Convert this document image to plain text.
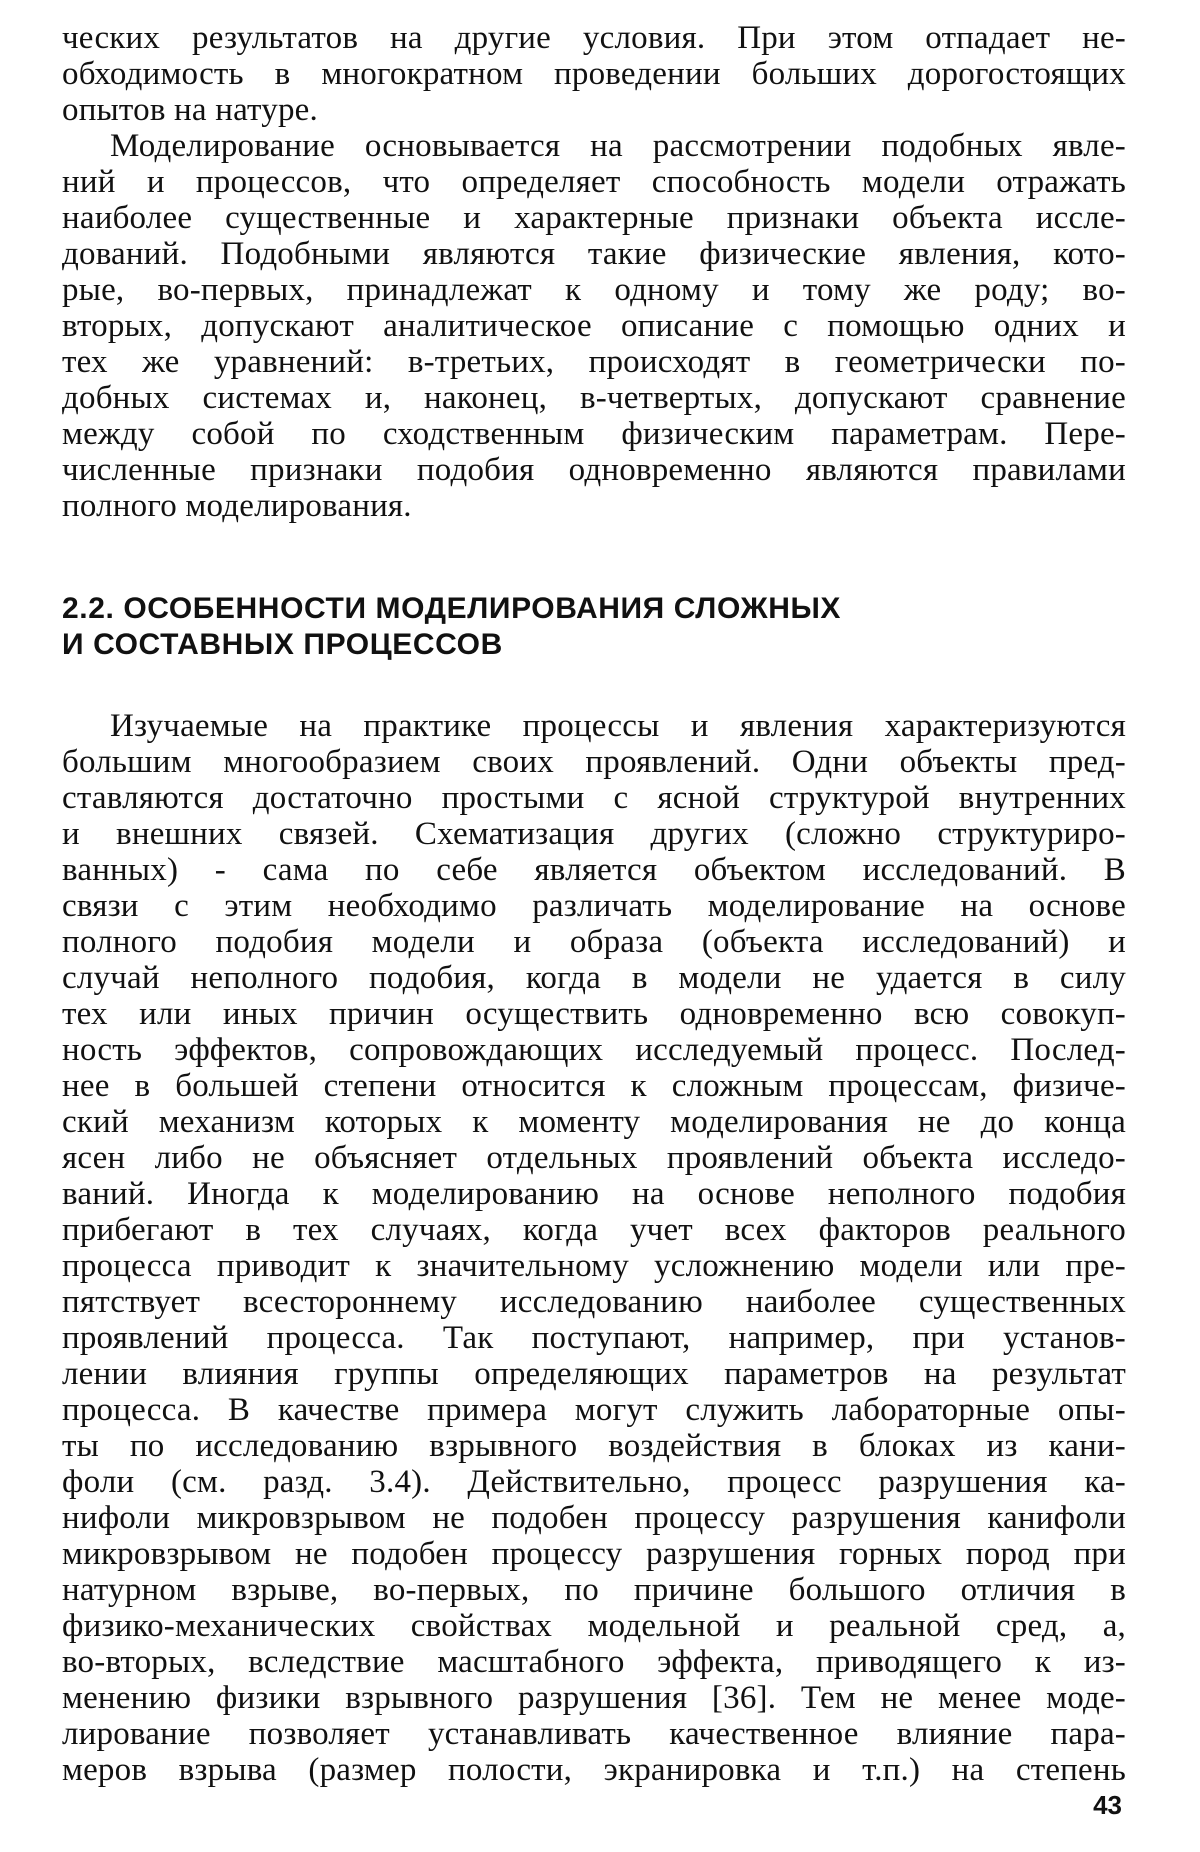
ческих результатов на другие условия. При этом отпадает не-
обходимость в многократном проведении больших дорогостоящих
опытов на натуре.
Моделирование основывается на рассмотрении подобных явле-
ний и процессов, что определяет способность модели отражать
наиболее существенные и характерные признаки объекта иссле-
дований. Подобными являются такие физические явления, кото-
рые, во-первых, принадлежат к одному и тому же роду; во-
вторых, допускают аналитическое описание с помощью одних и
тех же уравнений: в-третьих, происходят в геометрически по-
добных системах и, наконец, в-четвертых, допускают сравнение
между собой по сходственным физическим параметрам. Пере-
численные признаки подобия одновременно являются правилами
полного моделирования.
2.2. ОСОБЕННОСТИ МОДЕЛИРОВАНИЯ СЛОЖНЫХ
И СОСТАВНЫХ ПРОЦЕССОВ
Изучаемые на практике процессы и явления характеризуются
большим многообразием своих проявлений. Одни объекты пред-
ставляются достаточно простыми с ясной структурой внутренних
и внешних связей. Схематизация других (сложно структуриро-
ванных) - сама по себе является объектом исследований. В
связи с этим необходимо различать моделирование на основе
полного подобия модели и образа (объекта исследований) и
случай неполного подобия, когда в модели не удается в силу
тех или иных причин осуществить одновременно всю совокуп-
ность эффектов, сопровождающих исследуемый процесс. Послед-
нее в большей степени относится к сложным процессам, физиче-
ский механизм которых к моменту моделирования не до конца
ясен либо не объясняет отдельных проявлений объекта исследо-
ваний. Иногда к моделированию на основе неполного подобия
прибегают в тех случаях, когда учет всех факторов реального
процесса приводит к значительному усложнению модели или пре-
пятствует всестороннему исследованию наиболее существенных
проявлений процесса. Так поступают, например, при установ-
лении влияния группы определяющих параметров на результат
процесса. В качестве примера могут служить лабораторные опы-
ты по исследованию взрывного воздействия в блоках из кани-
фоли (см. разд. 3.4). Действительно, процесс разрушения ка-
нифоли микровзрывом не подобен процессу разрушения канифоли
микровзрывом не подобен процессу разрушения горных пород при
натурном взрыве, во-первых, по причине большого отличия в
физико-механических свойствах модельной и реальной сред, а,
во-вторых, вследствие масштабного эффекта, приводящего к из-
менению физики взрывного разрушения [36]. Тем не менее моде-
лирование позволяет устанавливать качественное влияние пара-
меров взрыва (размер полости, экранировка и т.п.) на степень
43
